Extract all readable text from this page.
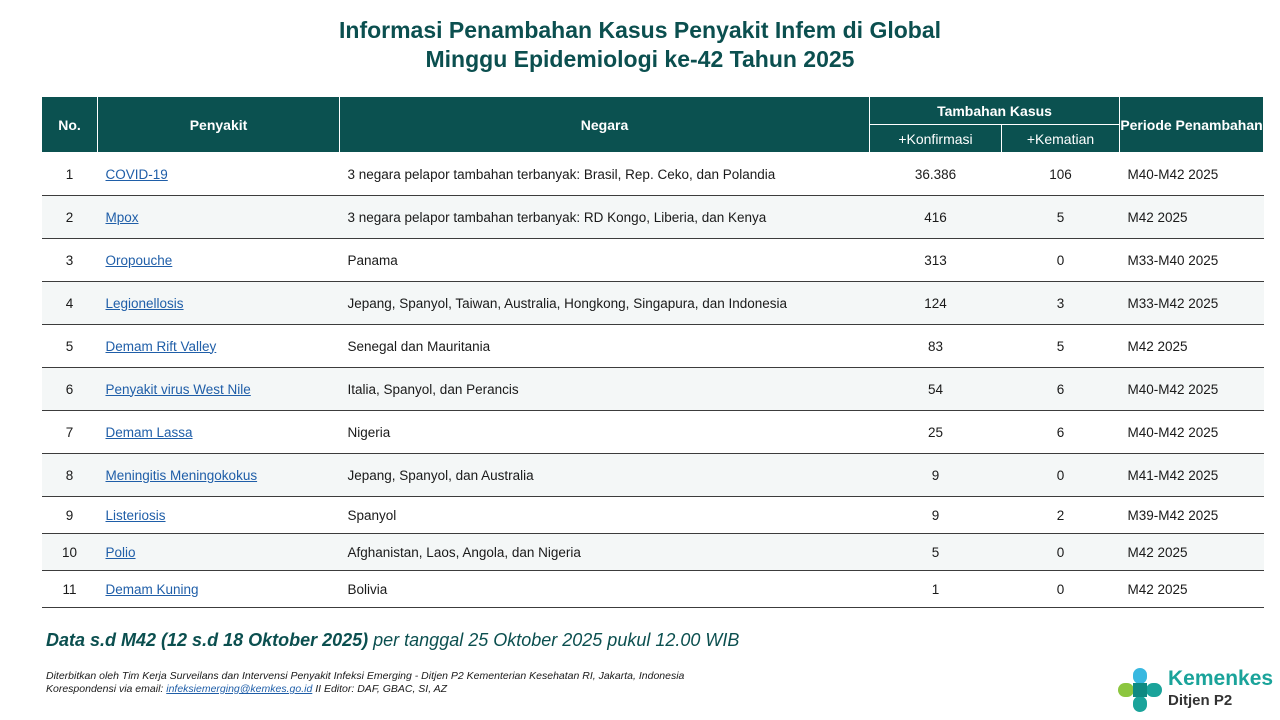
Informasi Penambahan Kasus Penyakit Infem di Global
Minggu Epidemiologi ke-42 Tahun 2025
No.	Penyakit	Negara	Tambahan Kasus		Periode Penambahan
			+Konfirmasi	+Kematian	
1	COVID-19	3 negara pelapor tambahan terbanyak: Brasil, Rep. Ceko, dan Polandia	36.386	106	M40-M42 2025
2	Mpox	3 negara pelapor tambahan terbanyak: RD Kongo, Liberia, dan Kenya	416	5	M42 2025
3	Oropouche	Panama	313	0	M33-M40 2025
4	Legionellosis	Jepang, Spanyol, Taiwan, Australia, Hongkong, Singapura, dan Indonesia	124	3	M33-M42 2025
5	Demam Rift Valley	Senegal dan Mauritania	83	5	M42 2025
6	Penyakit virus West Nile	Italia, Spanyol, dan Perancis	54	6	M40-M42 2025
7	Demam Lassa	Nigeria	25	6	M40-M42 2025
8	Meningitis Meningokokus	Jepang, Spanyol, dan Australia	9	0	M41-M42 2025
9	Listeriosis	Spanyol	9	2	M39-M42 2025
10	Polio	Afghanistan, Laos, Angola, dan Nigeria	5	0	M42 2025
11	Demam Kuning	Bolivia	1	0	M42 2025
Data s.d M42 (12 s.d 18 Oktober 2025) per tanggal 25 Oktober 2025 pukul 12.00 WIB
Diterbitkan oleh Tim Kerja Surveilans dan Intervensi Penyakit Infeksi Emerging - Ditjen P2 Kementerian Kesehatan RI, Jakarta, Indonesia
Korespondensi via email: infeksiemerging@kemkes.go.id II Editor: DAF, GBAC, SI, AZ	Kemenkes
Ditjen P2
